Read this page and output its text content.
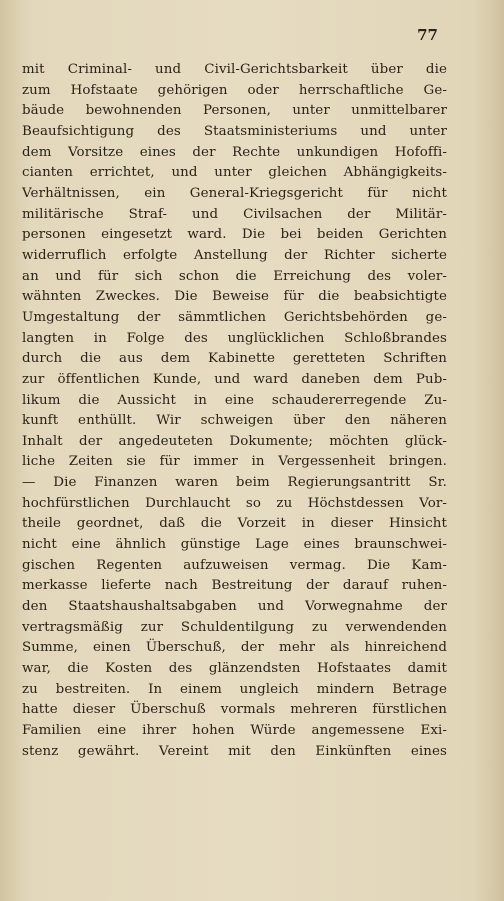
77
mit Criminal- und Civil-Gerichtsbarkeit über die
zum Hofstaate gehörigen oder herrschaftliche Ge-
bäude bewohnenden Personen, unter unmittelbarer
Beaufsichtigung des Staatsministeriums und unter
dem Vorsitze eines der Rechte unkundigen Hofoffi-
cianten errichtet, und unter gleichen Abhängigkeits-
Verhältnissen, ein General-Kriegsgericht für nicht
militärische Straf- und Civilsachen der Militär-
personen eingesetzt ward. Die bei beiden Gerichten
widerruflich erfolgte Anstellung der Richter sicherte
an und für sich schon die Erreichung des voler-
wähnten Zweckes. Die Beweise für die beabsichtigte
Umgestaltung der sämmtlichen Gerichtsbehörden ge-
langten in Folge des unglücklichen Schloßbrandes
durch die aus dem Kabinette geretteten Schriften
zur öffentlichen Kunde, und ward daneben dem Pub-
likum die Aussicht in eine schaudererregende Zu-
kunft enthüllt. Wir schweigen über den näheren
Inhalt der angedeuteten Dokumente; möchten glück-
liche Zeiten sie für immer in Vergessenheit bringen.
— Die Finanzen waren beim Regierungsantritt Sr.
hochfürstlichen Durchlaucht so zu Höchstdessen Vor-
theile geordnet, daß die Vorzeit in dieser Hinsicht
nicht eine ähnlich günstige Lage eines braunschwei-
gischen Regenten aufzuweisen vermag. Die Kam-
merkasse lieferte nach Bestreitung der darauf ruhen-
den Staatshaushaltsabgaben und Vorwegnahme der
vertragsmäßig zur Schuldentilgung zu verwendenden
Summe, einen Überschuß, der mehr als hinreichend
war, die Kosten des glänzendsten Hofstaates damit
zu bestreiten. In einem ungleich mindern Betrage
hatte dieser Überschuß vormals mehreren fürstlichen
Familien eine ihrer hohen Würde angemessene Exi-
stenz gewährt. Vereint mit den Einkünften eines
